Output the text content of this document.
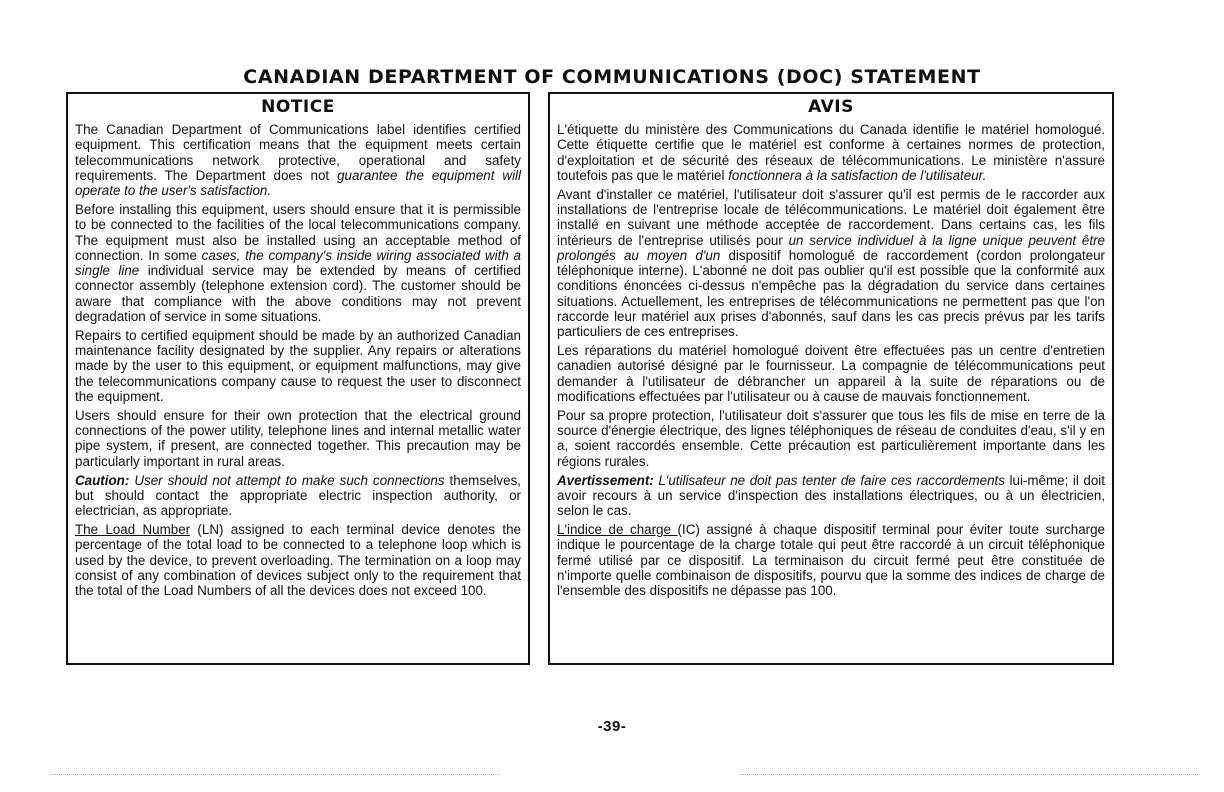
CANADIAN DEPARTMENT OF COMMUNICATIONS (DOC) STATEMENT
NOTICE

The Canadian Department of Communications label identifies certified equipment. This certification means that the equipment meets certain telecommunications network protective, operational and safety requirements. The Department does not guarantee the equipment will operate to the user's satisfaction.

Before installing this equipment, users should ensure that it is permissible to be connected to the facilities of the local telecommunications company. The equipment must also be installed using an acceptable method of connection. In some cases, the company's inside wiring associated with a single line individual service may be extended by means of certified connector assembly (telephone extension cord). The customer should be aware that compliance with the above conditions may not prevent degradation of service in some situations.

Repairs to certified equipment should be made by an authorized Canadian maintenance facility designated by the supplier. Any repairs or alterations made by the user to this equipment, or equipment malfunctions, may give the telecommunications company cause to request the user to disconnect the equipment.

Users should ensure for their own protection that the electrical ground connections of the power utility, telephone lines and internal metallic water pipe system, if present, are connected together. This precaution may be particularly important in rural areas.

Caution: User should not attempt to make such connections themselves, but should contact the appropriate electric inspection authority, or electrician, as appropriate.

The Load Number (LN) assigned to each terminal device denotes the percentage of the total load to be connected to a telephone loop which is used by the device, to prevent overloading. The termination on a loop may consist of any combination of devices subject only to the requirement that the total of the Load Numbers of all the devices does not exceed 100.

AVIS

L'étiquette du ministère des Communications du Canada identifie le matériel homologué. Cette étiquette certifie que le matériel est conforme à certaines normes de protection, d'exploitation et de sécurité des réseaux de télécommunications. Le ministère n'assure toutefois pas que le matériel fonctionnera à la satisfaction de l'utilisateur.

Avant d'installer ce matériel, l'utilisateur doit s'assurer qu'il est permis de le raccorder aux installations de l'entreprise locale de télécommunications. Le matériel doit également être installé en suivant une méthode acceptée de raccordement. Dans certains cas, les fils intérieurs de l'entreprise utilisés pour un service individuel à la ligne unique peuvent être prolongés au moyen d'un dispositif homologué de raccordement (cordon prolongateur téléphonique interne). L'abonné ne doit pas oublier qu'il est possible que la conformité aux conditions énoncées ci-dessus n'empêche pas la dégradation du service dans certaines situations. Actuellement, les entreprises de télécommunications ne permettent pas que l'on raccorde leur matériel aux prises d'abonnés, sauf dans les cas precis prévus par les tarifs particuliers de ces entreprises.

Les réparations du matériel homologué doivent être effectuées pas un centre d'entretien canadien autorisé désigné par le fournisseur. La compagnie de télécommunications peut demander à l'utilisateur de débrancher un appareil à la suite de réparations ou de modifications effectuées par l'utilisateur ou à cause de mauvais fonctionnement.

Pour sa propre protection, l'utilisateur doit s'assurer que tous les fils de mise en terre de la source d'énergie électrique, des lignes téléphoniques de réseau de conduites d'eau, s'il y en a, soient raccordés ensemble. Cette précaution est particulièrement importante dans les régions rurales.

Avertissement: L'utilisateur ne doit pas tenter de faire ces raccordements lui-même; il doit avoir recours à un service d'inspection des installations électriques, ou à un électricien, selon le cas.

L'indice de charge (IC) assigné à chaque dispositif terminal pour éviter toute surcharge indique le pourcentage de la charge totale qui peut être raccordé à un circuit téléphonique fermé utilisé par ce dispositif. La terminaison du circuit fermé peut être constituée de n'importe quelle combinaison de dispositifs, pourvu que la somme des indices de charge de l'ensemble des dispositifs ne dépasse pas 100.

-39-
